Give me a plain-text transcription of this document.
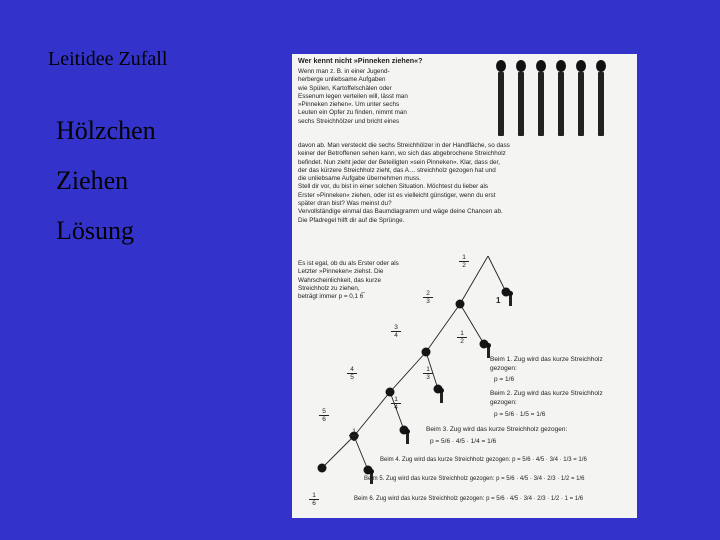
Leitidee Zufall
Hölzchen
Ziehen
Lösung
Wer kennt nicht »Pinneken ziehen«?
Wenn man z. B. in einer Jugend-
herberge unliebsame Aufgaben
wie Spülen, Kartoffelschälen oder
Essenum legen verteilen will, lässt man
»Pinneken ziehen«. Um unter sechs
Leuten ein Opfer zu finden, nimmt man
sechs Streichhölzer und bricht eines
davon ab. Man versteckt die sechs Streichhölzer in der Handfläche, so dass
keiner der Betroffenen sehen kann, wo sich das abgebrochene Streichholz
befindet. Nun zieht jeder der Beteiligten »sein Pinneken«. Klar, dass der,
der das kürzere Streichholz zieht, das A… streichholz gezogen hat und
die unliebsame Aufgabe übernehmen muss.
Stell dir vor, du bist in einer solchen Situation. Möchtest du lieber als
Erster »Pinneken« ziehen, oder ist es vielleicht günstiger, wenn du erst
später dran bist? Was meinst du?
Vervollständige einmal das Baumdiagramm und wäge deine Chancen ab.
Die Pfadregel hilft dir auf die Sprünge.
Es ist egal, ob du als Erster oder als
Letzter »Pinneken« ziehst. Die
Wahrscheinlichkeit, das kurze
Streichholz zu ziehen,
beträgt immer p = 0,1 6̅
1
2
2
3
1
2
3
4
1
3
4
5
1
4
5
6
1
5
1
6
1
Beim 1. Zug wird das kurze Streichholz
gezogen:
p = 1/6
Beim 2. Zug wird das kurze Streichholz
gezogen:
p = 5/6 · 1/5 = 1/6
Beim 3. Zug wird das kurze Streichholz gezogen:
p = 5/6 · 4/5 · 1/4 = 1/6
Beim 4. Zug wird das kurze Streichholz gezogen: p = 5/6 · 4/5 · 3/4 · 1/3 = 1/6
Beim 5. Zug wird das kurze Streichholz gezogen: p = 5/6 · 4/5 · 3/4 · 2/3 · 1/2 = 1/6
Beim 6. Zug wird das kurze Streichholz gezogen: p = 5/6 · 4/5 · 3/4 · 2/3 · 1/2 · 1 = 1/6
